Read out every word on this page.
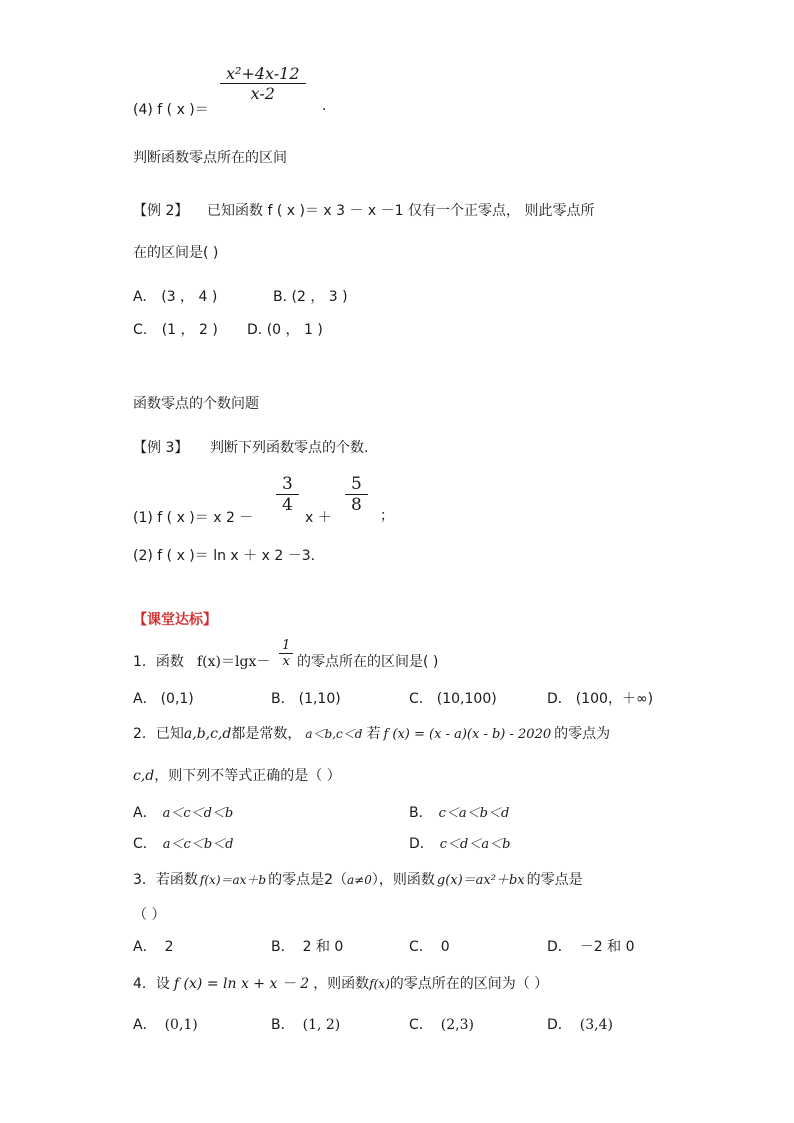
(4) f ( x )＝
x²+4x-12
x-2
.
判断函数零点所在的区间
【例 2】 已知函数 f ( x )＝ x 3 － x －1 仅有一个正零点， 则此零点所
在的区间是( )
A. (3 ， 4 )	B. (2 ， 3 )
C. (1 ， 2 ) D. (0 ， 1 )
函数零点的个数问题
【例 3】 判断下列函数零点的个数.
(1) f ( x )＝ x 2 －
3
4
x ＋
5
8
；
(2) f ( x )＝ ln x ＋ x 2 －3.
【课堂达标】
1．函数 f(x)＝lgx－
1
x 的零点所在的区间是( )
A． (0,1)	B． (1,10)	C． (10,100)	D． (100，＋∞)
2．已知a,b,c,d都是常数， a＜b,c＜d 若 f (x) = (x - a)(x - b) - 2020 的零点为
c,d，则下列不等式正确的是（ ）
A． a＜c＜d＜b	B． c＜a＜b＜d
C． a＜c＜b＜d	D． c＜d＜a＜b
3．若函数 f(x)＝ax＋b 的零点是2（a≠0），则函数 g(x)＝ax²＋bx 的零点是
（ ）
A． 2	B． 2 和 0	C． 0	D． －2 和 0
4．设 f (x) = ln x + x － 2 ，则函数f(x)的零点所在的区间为（ ）
A． (0,1)	B． (1, 2)	C． (2,3)	D． (3,4)
